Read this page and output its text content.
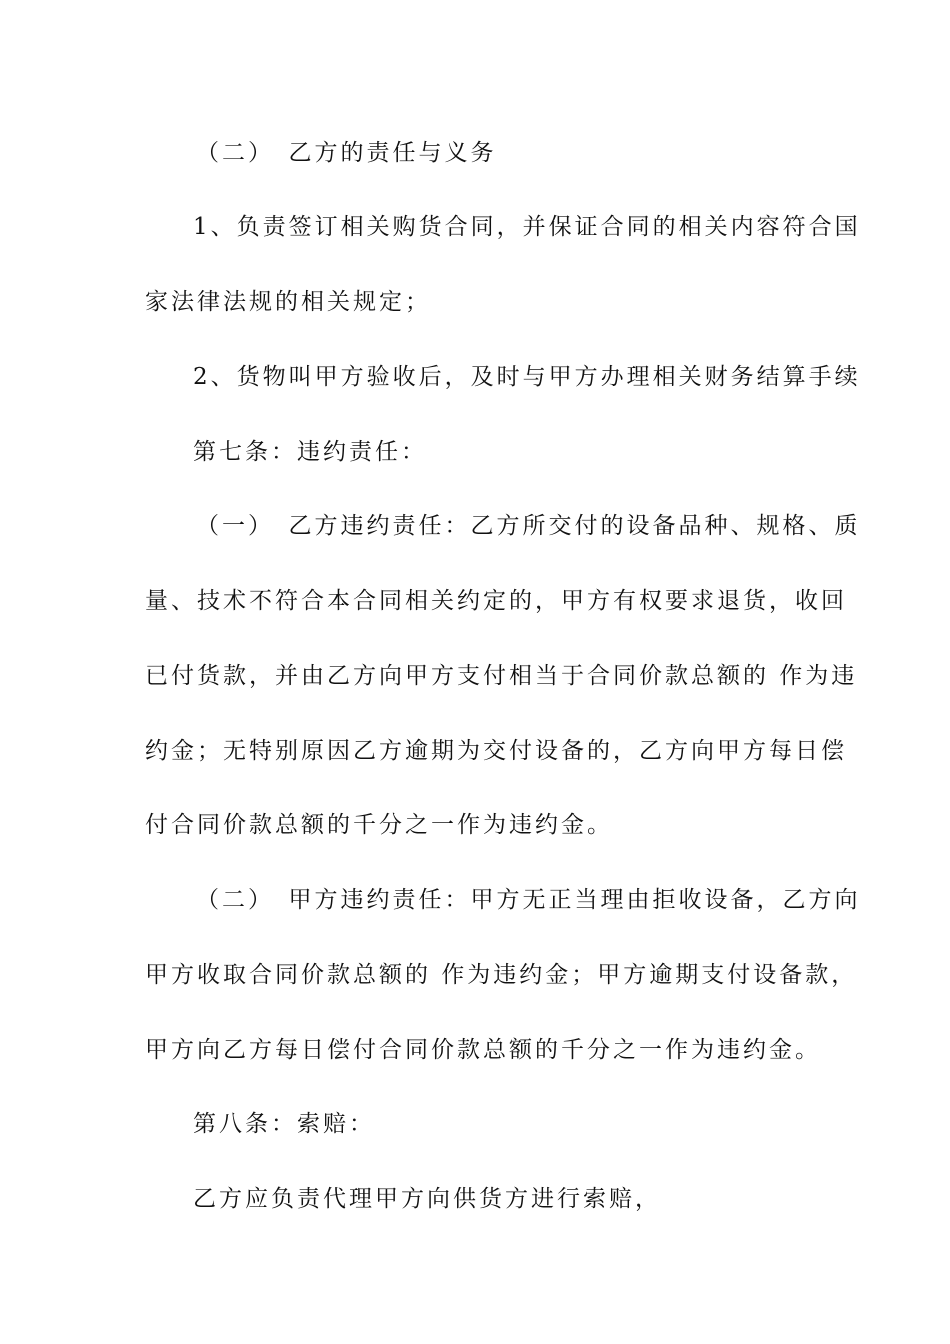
（二）　乙方的责任与义务
1、负责签订相关购货合同，并保证合同的相关内容符合国
家法律法规的相关规定；
2、货物叫甲方验收后，及时与甲方办理相关财务结算手续
第七条：违约责任：
（一）　乙方违约责任：乙方所交付的设备品种、规格、质
量、技术不符合本合同相关约定的，甲方有权要求退货，收回
已付货款，并由乙方向甲方支付相当于合同价款总额的 作为违
约金；无特别原因乙方逾期为交付设备的，乙方向甲方每日偿
付合同价款总额的千分之一作为违约金。
（二）　甲方违约责任：甲方无正当理由拒收设备，乙方向
甲方收取合同价款总额的 作为违约金；甲方逾期支付设备款，
甲方向乙方每日偿付合同价款总额的千分之一作为违约金。
第八条：索赔：
乙方应负责代理甲方向供货方进行索赔，
